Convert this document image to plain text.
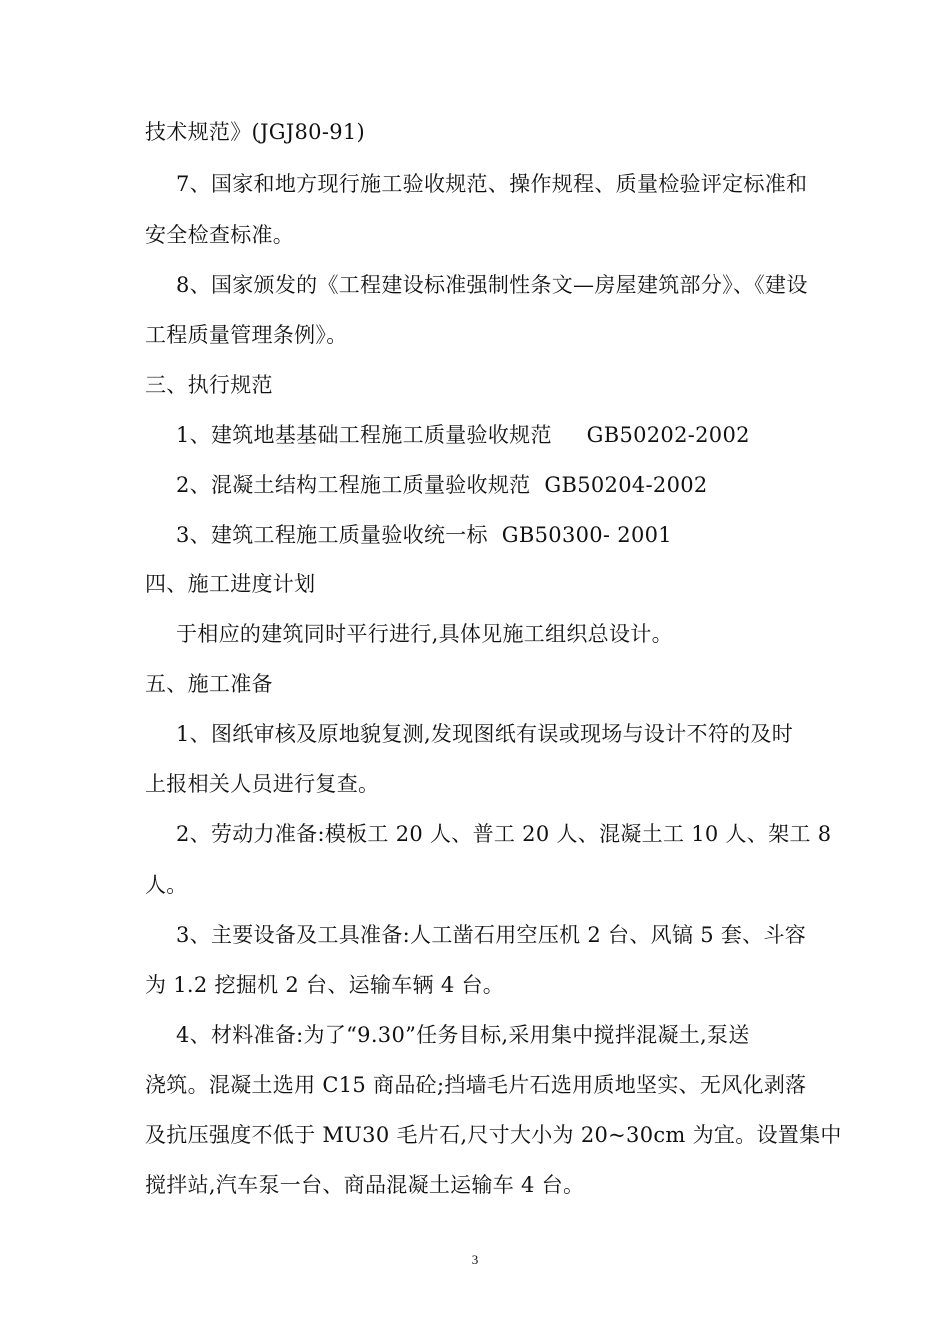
技术规范》(JGJ80-91)
7、国家和地方现行施工验收规范、操作规程、质量检验评定标准和
安全检查标准。
8、国家颁发的《工程建设标准强制性条文—房屋建筑部分》、《建设
工程质量管理条例》。
三、执行规范
1、建筑地基基础工程施工质量验收规范     GB50202-2002
2、混凝土结构工程施工质量验收规范  GB50204-2002
3、建筑工程施工质量验收统一标  GB50300- 2001
四、施工进度计划
于相应的建筑同时平行进行,具体见施工组织总设计。
五、施工准备
1、图纸审核及原地貌复测,发现图纸有误或现场与设计不符的及时
上报相关人员进行复查。
2、劳动力准备:模板工 20 人、普工 20 人、混凝土工 10 人、架工 8
人。
3、主要设备及工具准备:人工凿石用空压机 2 台、风镐 5 套、斗容
为 1.2 挖掘机 2 台、运输车辆 4 台。
4、材料准备:为了“9.30”任务目标,采用集中搅拌混凝土,泵送
浇筑。混凝土选用 C15 商品砼;挡墙毛片石选用质地坚实、无风化剥落
及抗压强度不低于 MU30 毛片石,尺寸大小为 20~30cm 为宜。设置集中
搅拌站,汽车泵一台、商品混凝土运输车 4 台。
3
